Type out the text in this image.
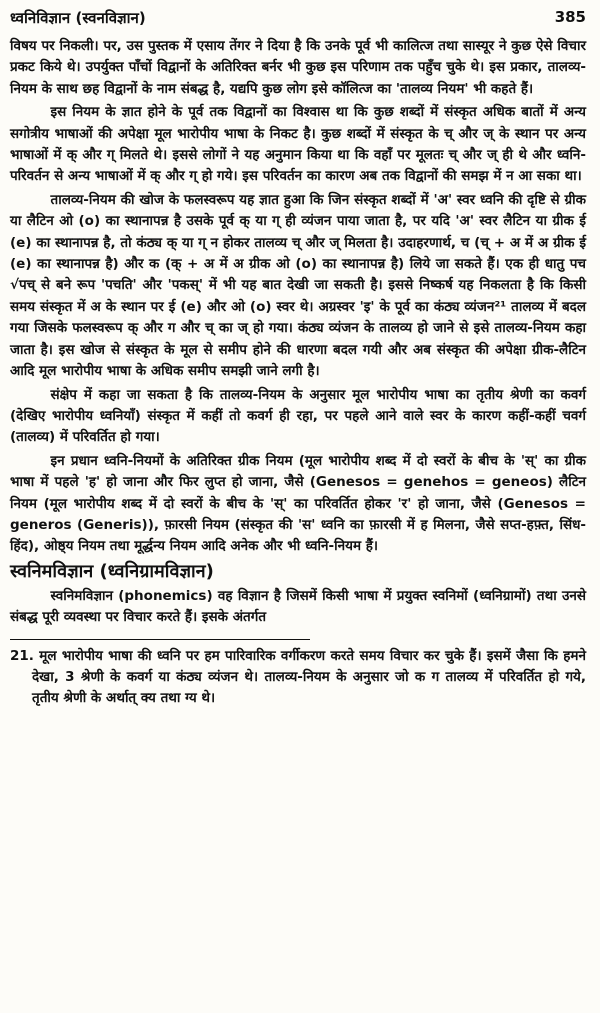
ध्वनिविज्ञान (स्वनविज्ञान)	385

विषय पर निकली। पर, उस पुस्तक में एसाय तेंगर ने दिया है कि उनके पूर्व भी कालित्ज तथा सास्यूर ने कुछ ऐसे विचार प्रकट किये थे। उपर्युक्त पाँचों विद्वानों के अतिरिक्त बर्नर भी कुछ इस परिणाम तक पहुँच चुके थे। इस प्रकार, तालव्य-नियम के साथ छह विद्वानों के नाम संबद्ध है, यद्यपि कुछ लोग इसे कॉलित्ज का 'तालव्य नियम' भी कहते हैं।

इस नियम के ज्ञात होने के पूर्व तक विद्वानों का विश्वास था कि कुछ शब्दों में संस्कृत अधिक बातों में अन्य सगोत्रीय भाषाओं की अपेक्षा मूल भारोपीय भाषा के निकट है। कुछ शब्दों में संस्कृत के च् और ज् के स्थान पर अन्य भाषाओं में क् और ग् मिलते थे। इससे लोगों ने यह अनुमान किया था कि वहाँ पर मूलतः च् और ज् ही थे और ध्वनि-परिवर्तन से अन्य भाषाओं में क् और ग् हो गये। इस परिवर्तन का कारण अब तक विद्वानों की समझ में न आ सका था।

तालव्य-नियम की खोज के फलस्वरूप यह ज्ञात हुआ कि जिन संस्कृत शब्दों में 'अ' स्वर ध्वनि की दृष्टि से ग्रीक या लैटिन ओ (o) का स्थानापन्न है उसके पूर्व क् या ग् ही व्यंजन पाया जाता है, पर यदि 'अ' स्वर लैटिन या ग्रीक ई (e) का स्थानापन्न है, तो कंठ्य क् या ग् न होकर तालव्य च् और ज् मिलता है। उदाहरणार्थ, च (च् + अ में अ ग्रीक ई (e) का स्थानापन्न है) और क (क् + अ में अ ग्रीक ओ (o) का स्थानापन्न है) लिये जा सकते हैं। एक ही धातु पच √पच् से बने रूप 'पचति' और 'पकस्' में भी यह बात देखी जा सकती है। इससे निष्कर्ष यह निकलता है कि किसी समय संस्कृत में अ के स्थान पर ई (e) और ओ (o) स्वर थे। अग्रस्वर 'इ' के पूर्व का कंठ्य व्यंजन²¹ तालव्य में बदल गया जिसके फलस्वरूप क् और ग और च् का ज् हो गया। कंठ्य व्यंजन के तालव्य हो जाने से इसे तालव्य-नियम कहा जाता है। इस खोज से संस्कृत के मूल से समीप होने की धारणा बदल गयी और अब संस्कृत की अपेक्षा ग्रीक-लैटिन आदि मूल भारोपीय भाषा के अधिक समीप समझी जाने लगी है।

संक्षेप में कहा जा सकता है कि तालव्य-नियम के अनुसार मूल भारोपीय भाषा का तृतीय श्रेणी का कवर्ग (देखिए भारोपीय ध्वनियाँ) संस्कृत में कहीं तो कवर्ग ही रहा, पर पहले आने वाले स्वर के कारण कहीं-कहीं चवर्ग (तालव्य) में परिवर्तित हो गया।

इन प्रधान ध्वनि-नियमों के अतिरिक्त ग्रीक नियम (मूल भारोपीय शब्द में दो स्वरों के बीच के 'स्' का ग्रीक भाषा में पहले 'ह' हो जाना और फिर लुप्त हो जाना, जैसे (Genesos = genehos = geneos) लैटिन नियम (मूल भारोपीय शब्द में दो स्वरों के बीच के 'स्' का परिवर्तित होकर 'र' हो जाना, जैसे (Genesos = generos (Generis)), फ़ारसी नियम (संस्कृत की 'स' ध्वनि का फ़ारसी में ह मिलना, जैसे सप्त-हफ़्त, सिंध-हिंद), ओष्ठ्य नियम तथा मूर्द्धन्य नियम आदि अनेक और भी ध्वनि-नियम हैं।

स्वनिमविज्ञान (ध्वनिग्रामविज्ञान)

स्वनिमविज्ञान (phonemics) वह विज्ञान है जिसमें किसी भाषा में प्रयुक्त स्वनिमों (ध्वनिग्रामों) तथा उनसे संबद्ध पूरी व्यवस्था पर विचार करते हैं। इसके अंतर्गत

21. मूल भारोपीय भाषा की ध्वनि पर हम पारिवारिक वर्गीकरण करते समय विचार कर चुके हैं। इसमें जैसा कि हमने देखा, 3 श्रेणी के कवर्ग या कंठ्य व्यंजन थे। तालव्य-नियम के अनुसार जो क ग तालव्य में परिवर्तित हो गये, तृतीय श्रेणी के अर्थात् क्य तथा ग्य थे।
